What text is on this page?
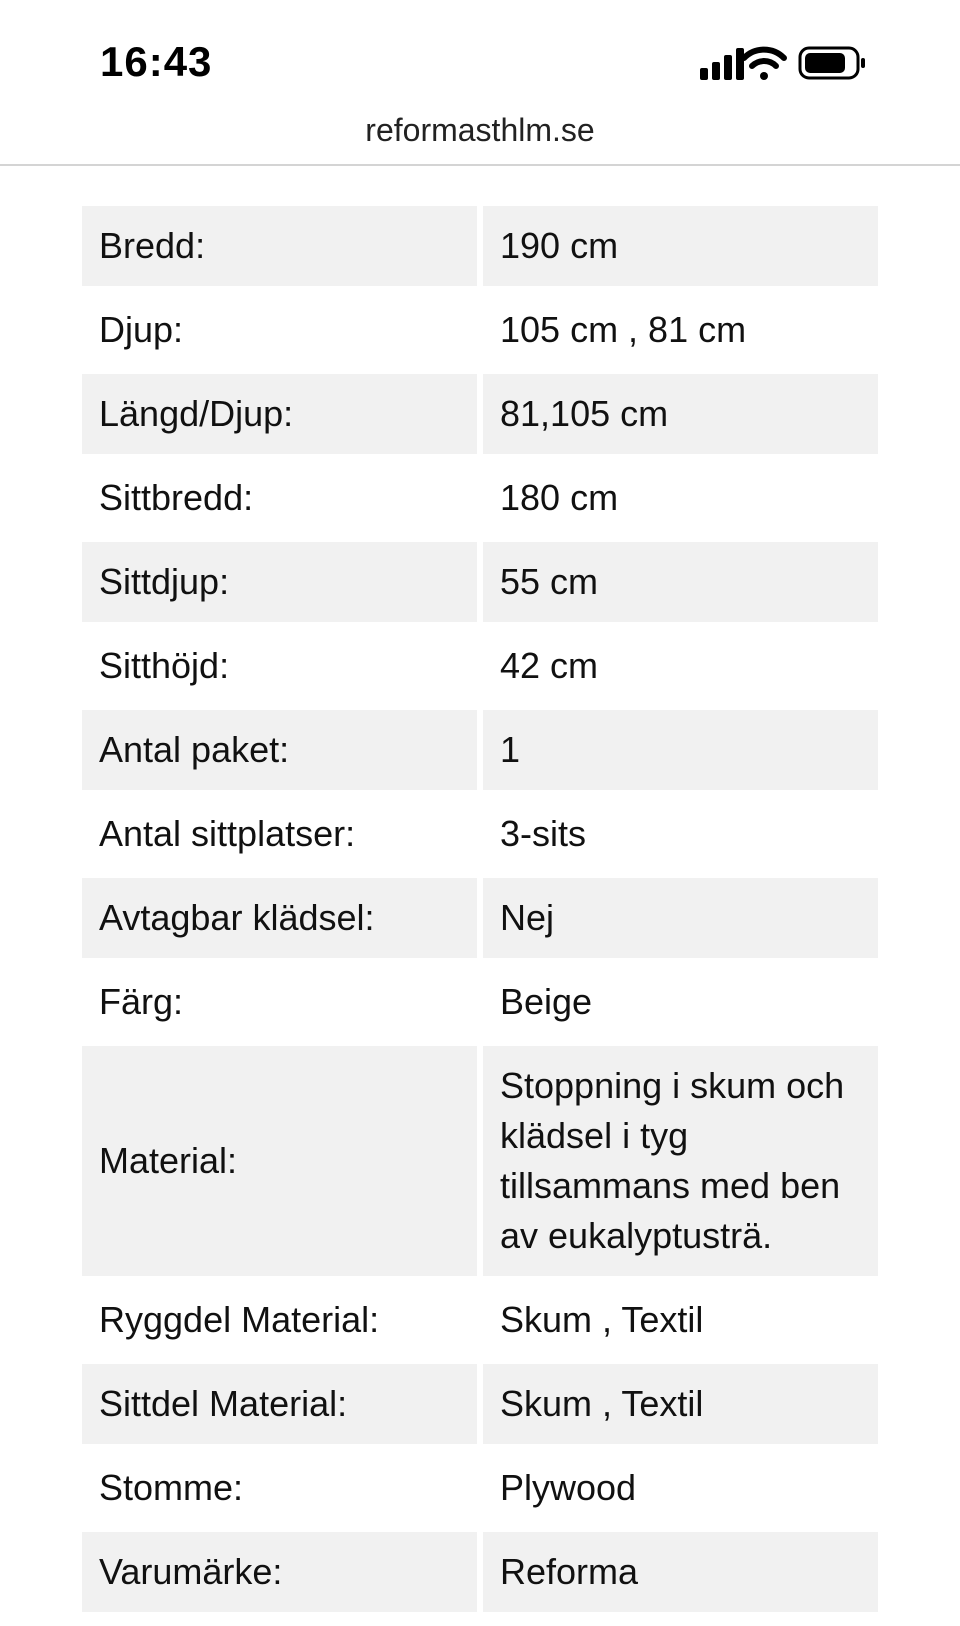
16:43
reformasthlm.se
Bredd:	190 cm
Djup:	105 cm , 81 cm
Längd/Djup:	81,105 cm
Sittbredd:	180 cm
Sittdjup:	55 cm
Sitthöjd:	42 cm
Antal paket:	1
Antal sittplatser:	3-sits
Avtagbar klädsel:	Nej
Färg:	Beige
Material:
Stoppning i skum och klädsel i tyg tillsammans med ben av eukalyptusträ.
Ryggdel Material:	Skum , Textil
Sittdel Material:	Skum , Textil
Stomme:	Plywood
Varumärke:	Reforma
